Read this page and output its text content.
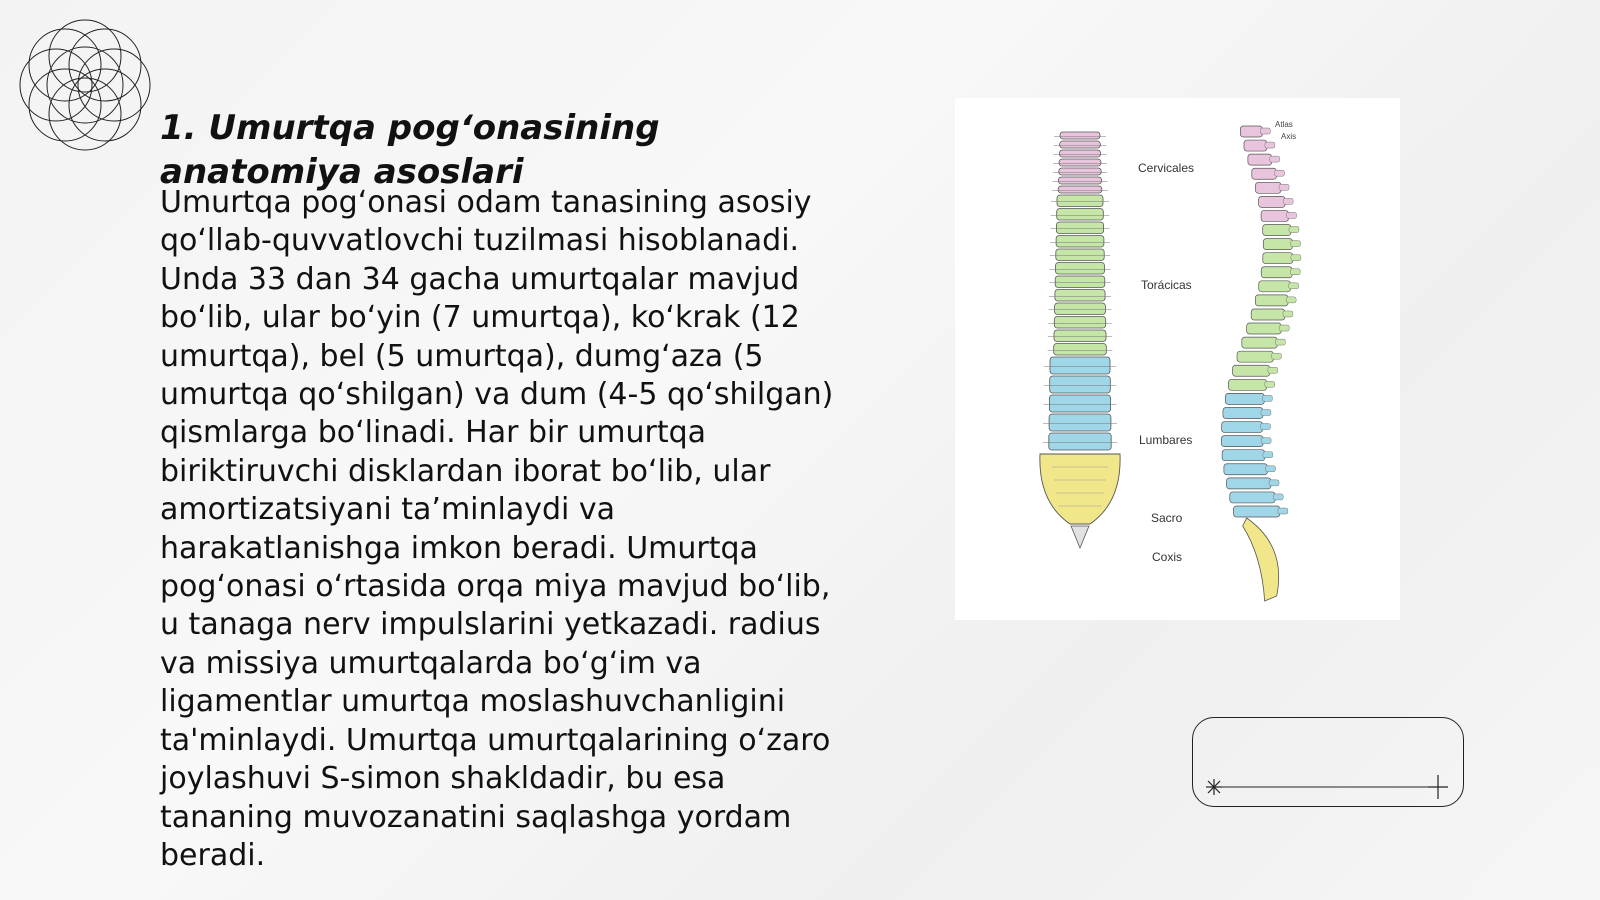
1. Umurtqa pog‘onasining anatomiya asoslari

Umurtqa pog‘onasi odam tanasining asosiy qo‘llab-quvvatlovchi tuzilmasi hisoblanadi. Unda 33 dan 34 gacha umurtqalar mavjud bo‘lib, ular bo‘yin (7 umurtqa), ko‘krak (12 umurtqa), bel (5 umurtqa), dumg‘aza (5 umurtqa qo‘shilgan) va dum (4-5 qo‘shilgan) qismlarga bo‘linadi. Har bir umurtqa biriktiruvchi disklardan iborat bo‘lib, ular amortizatsiyani ta’minlaydi va harakatlanishga imkon beradi. Umurtqa pog‘onasi o‘rtasida orqa miya mavjud bo‘lib, u tanaga nerv impulslarini yetkazadi. radius va missiya umurtqalarda bo‘g‘im va ligamentlar umurtqa moslashuvchanligini ta'minlaydi. Umurtqa umurtqalarining o‘zaro joylashuvi S-simon shakldadir, bu esa tananing muvozanatini saqlashga yordam beradi.

Cervicales
Torácicas
Lumbares
Sacro
Coxis
Atlas
Axis
